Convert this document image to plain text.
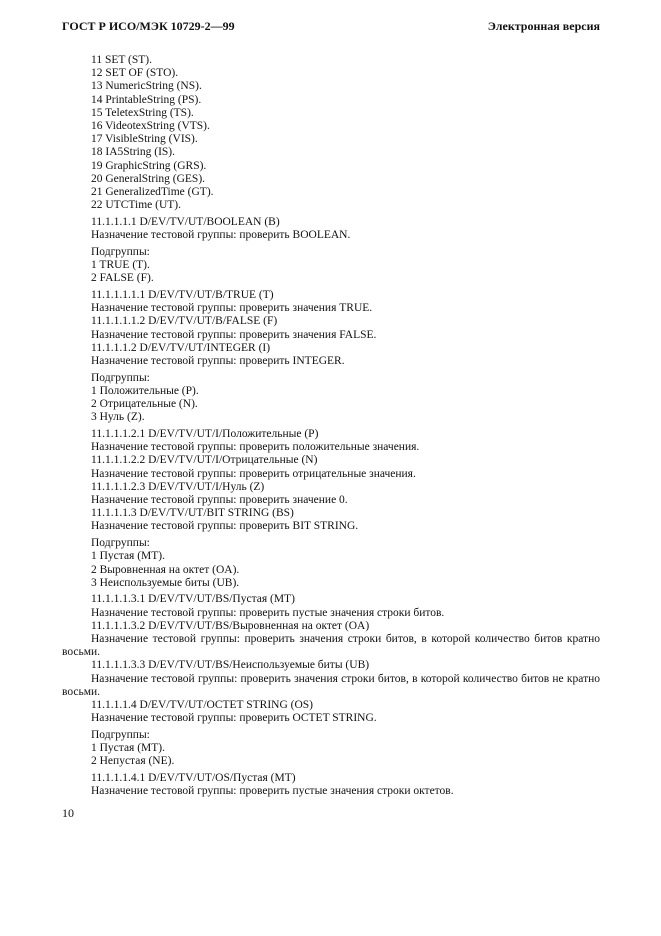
ГОСТ Р ИСО/МЭК 10729-2—99	Электронная версия
11 SET (ST).
12 SET OF (STO).
13 NumericString (NS).
14 PrintableString (PS).
15 TeletexString (TS).
16 VideotexString (VTS).
17 VisibleString (VIS).
18 IA5String (IS).
19 GraphicString (GRS).
20 GeneralString (GES).
21 GeneralizedTime (GT).
22 UTCTime (UT).
11.1.1.1.1 D/EV/TV/UT/BOOLEAN (B)
Назначение тестовой группы: проверить BOOLEAN.
Подгруппы:
1 TRUE (T).
2 FALSE (F).
11.1.1.1.1.1 D/EV/TV/UT/B/TRUE (T)
Назначение тестовой группы: проверить значения TRUE.
11.1.1.1.1.2 D/EV/TV/UT/B/FALSE (F)
Назначение тестовой группы: проверить значения FALSE.
11.1.1.1.2 D/EV/TV/UT/INTEGER (I)
Назначение тестовой группы: проверить INTEGER.
Подгруппы:
1 Положительные (P).
2 Отрицательные (N).
3 Нуль (Z).
11.1.1.1.2.1 D/EV/TV/UT/I/Положительные (P)
Назначение тестовой группы: проверить положительные значения.
11.1.1.1.2.2 D/EV/TV/UT/I/Отрицательные (N)
Назначение тестовой группы: проверить отрицательные значения.
11.1.1.1.2.3 D/EV/TV/UT/I/Нуль (Z)
Назначение тестовой группы: проверить значение 0.
11.1.1.1.3 D/EV/TV/UT/BIT STRING (BS)
Назначение тестовой группы: проверить BIT STRING.
Подгруппы:
1 Пустая (MT).
2 Выровненная на октет (OA).
3 Неиспользуемые биты (UB).
11.1.1.1.3.1 D/EV/TV/UT/BS/Пустая (MT)
Назначение тестовой группы: проверить пустые значения строки битов.
11.1.1.1.3.2 D/EV/TV/UT/BS/Выровненная на октет (OA)
Назначение тестовой группы: проверить значения строки битов, в которой количество битов кратно восьми.
11.1.1.1.3.3 D/EV/TV/UT/BS/Неиспользуемые биты (UB)
Назначение тестовой группы: проверить значения строки битов, в которой количество битов не кратно восьми.
11.1.1.1.4 D/EV/TV/UT/OCTET STRING (OS)
Назначение тестовой группы: проверить OCTET STRING.
Подгруппы:
1 Пустая (MT).
2 Непустая (NE).
11.1.1.1.4.1 D/EV/TV/UT/OS/Пустая (MT)
Назначение тестовой группы: проверить пустые значения строки октетов.
10
